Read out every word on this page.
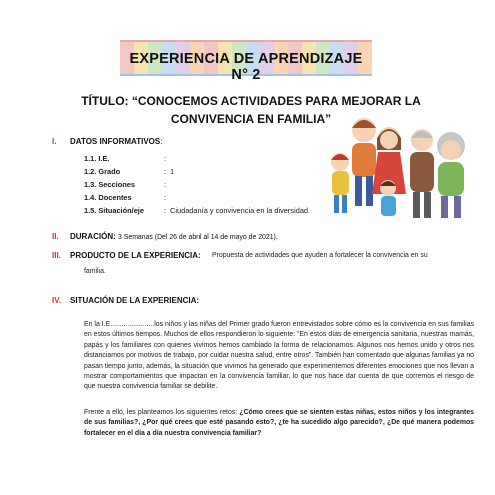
EXPERIENCIA DE APRENDIZAJE N° 2
TÍTULO: “CONOCEMOS ACTIVIDADES PARA MEJORAR LA CONVIVENCIA EN FAMILIA”
I. DATOS INFORMATIVOS:
1.1. I.E.	:
1.2. Grado	: 1
1.3. Secciones	:
1.4. Docentes	:
1.5. Situación/eje	: Ciudadanía y convivencia en la diversidad.
II. DURACIÓN: 3 Semanas (Del 26 de abril al 14 de mayo de 2021).
III. PRODUCTO DE LA EXPERIENCIA: Propuesta de actividades que ayuden a fortalecer la convivencia en su
familia.
IV. SITUACIÓN DE LA EXPERIENCIA:
En la I.E.......................los niños y las niñas del Primer grado fueron entrevistados sobre cómo es la convivencia en sus familias en estos últimos tiempos. Muchos de ellos respondieron lo siguiente: “En estos días de emergencia sanitaria, nuestras mamás, papás y los familiares con quienes vivimos hemos cambiado la forma de relacionarnos. Algunos nos hemos unido y otros nos distanciamos por motivos de trabajo, por cuidar nuestra salud, entre otros”. También han comentado que algunas familias ya no pasan tiempo junto, además, la situación que vivimos ha generado que experimentemos diferentes emociones que nos llevan a mostrar comportamientos que impactan en la convivencia familiar, lo que nos hace dar cuenta de que corremos el riesgo de que nuestra convivencia familiar se debilite.
Frente a ello, les planteamos los siguientes retos: ¿Cómo crees que se sienten estas niñas, estos niños y los integrantes de sus familias?, ¿Por qué crees que esté pasando esto?, ¿te ha sucedido algo parecido?, ¿De qué manera podemos fortalecer en el día a día nuestra convivencia familiar?
